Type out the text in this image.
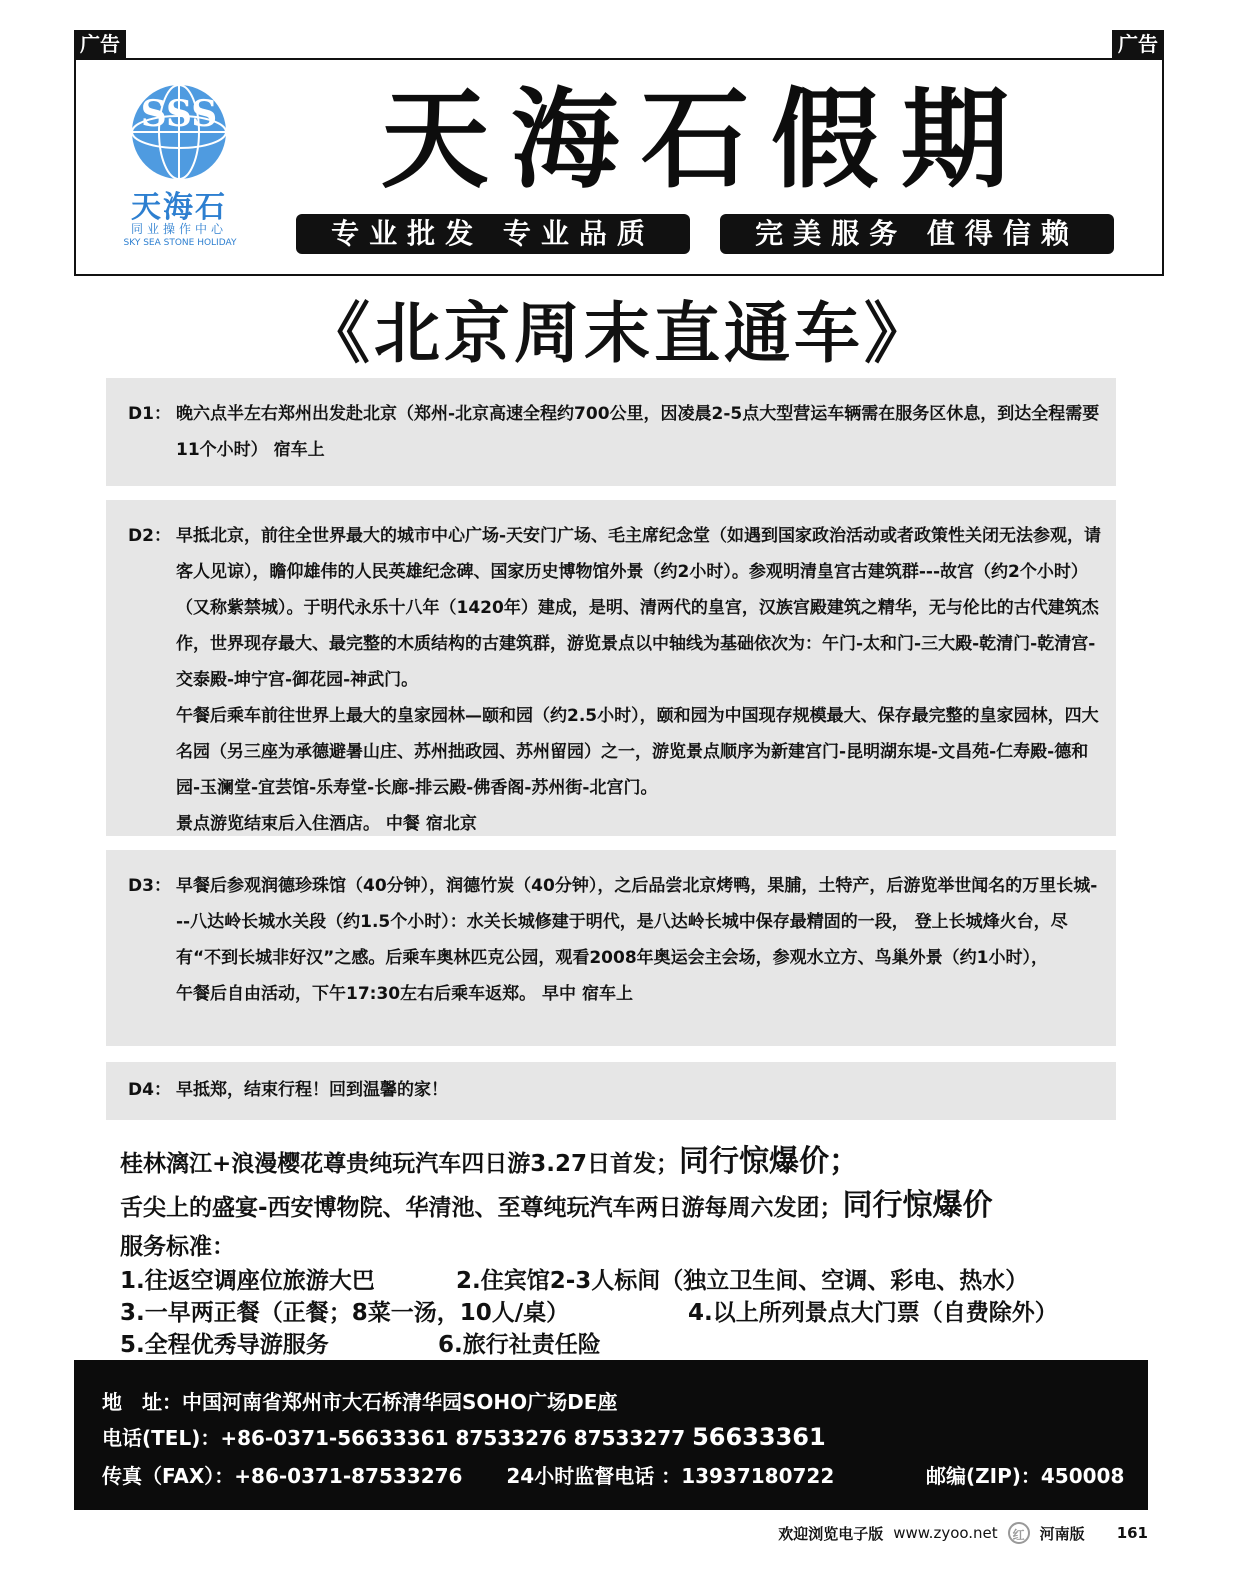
广告	广告
SSS
天海石
同业操作中心
SKY SEA STONE HOLIDAY
天海石假期
专业批发 专业品质	完美服务 值得信赖
《北京周末直通车》
D1： 晚六点半左右郑州出发赴北京（郑州-北京高速全程约700公里，因凌晨2-5点大型营运车辆需在服务区休息，到达全程需要11个小时） 宿车上

D2： 早抵北京，前往全世界最大的城市中心广场-天安门广场、毛主席纪念堂（如遇到国家政治活动或者政策性关闭无法参观，请客人见谅），瞻仰雄伟的人民英雄纪念碑、国家历史博物馆外景（约2小时）。参观明清皇宫古建筑群---故宫（约2个小时）（又称紫禁城）。于明代永乐十八年（1420年）建成，是明、清两代的皇宫，汉族宫殿建筑之精华，无与伦比的古代建筑杰作，世界现存最大、最完整的木质结构的古建筑群，游览景点以中轴线为基础依次为：午门-太和门-三大殿-乾清门-乾清宫-交泰殿-坤宁宫-御花园-神武门。

午餐后乘车前往世界上最大的皇家园林—颐和园（约2.5小时），颐和园为中国现存规模最大、保存最完整的皇家园林，四大名园（另三座为承德避暑山庄、苏州拙政园、苏州留园）之一，游览景点顺序为新建宫门-昆明湖东堤-文昌苑-仁寿殿-德和园-玉澜堂-宜芸馆-乐寿堂-长廊-排云殿-佛香阁-苏州街-北宫门。

景点游览结束后入住酒店。 中餐 宿北京

D3： 早餐后参观润德珍珠馆（40分钟），润德竹炭（40分钟），之后品尝北京烤鸭，果脯，土特产，后游览举世闻名的万里长城---八达岭长城水关段（约1.5个小时）：水关长城修建于明代，是八达岭长城中保存最精固的一段， 登上长城烽火台，尽有“不到长城非好汉”之感。后乘车奥林匹克公园，观看2008年奥运会主会场，参观水立方、鸟巢外景（约1小时），

午餐后自由活动，下午17:30左右后乘车返郑。 早中 宿车上

D4： 早抵郑，结束行程！回到温馨的家！

桂林漓江+浪漫樱花尊贵纯玩汽车四日游3.27日首发；同行惊爆价；
舌尖上的盛宴-西安博物院、华清池、至尊纯玩汽车两日游每周六发团；同行惊爆价
服务标准：
1.往返空调座位旅游大巴	2.住宾馆2-3人标间（独立卫生间、空调、彩电、热水）
3.一早两正餐（正餐；8菜一汤，10人/桌）	4.以上所列景点大门票（自费除外）
5.全程优秀导游服务	6.旅行社责任险
地　址：中国河南省郑州市大石桥清华园SOHO广场DE座
电话(TEL)：+86-0371-56633361 87533276 87533277 56633361
传真（FAX）：+86-0371-87533276 24小时监督电话 ：13937180722	邮编(ZIP)：450008
欢迎浏览电子版 www.zyoo.net	红	河南版 161
